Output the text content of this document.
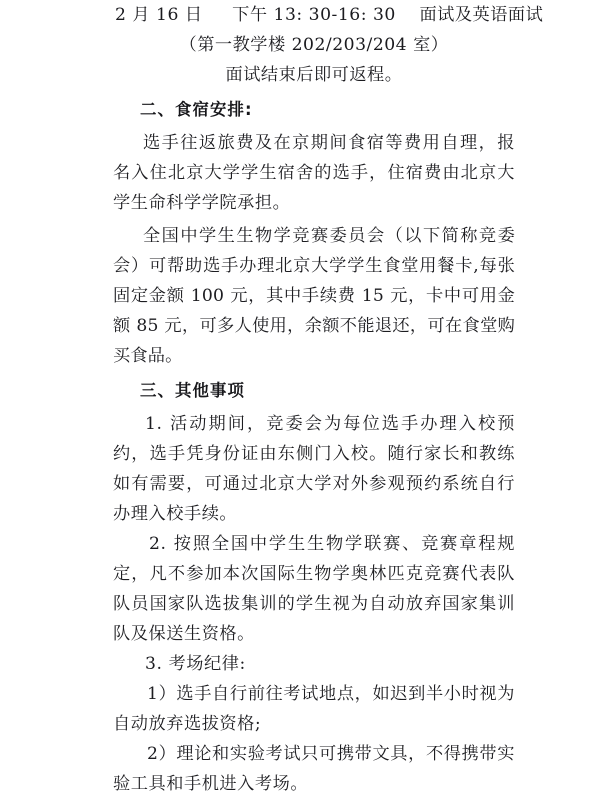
2 月 16 日　  下午 13: 30-16: 30　 面试及英语面试
（第一教学楼 202/203/204 室）
面试结束后即可返程。
二、食宿安排:

选手往返旅费及在京期间食宿等费用自理，报名入住北京大学学生宿舍的选手，住宿费由北京大学生命科学学院承担。

全国中学生生物学竞赛委员会（以下简称竞委会）可帮助选手办理北京大学学生食堂用餐卡,每张固定金额 100 元，其中手续费 15 元，卡中可用金额 85 元，可多人使用，余额不能退还，可在食堂购买食品。

三、其他事项

1. 活动期间，竞委会为每位选手办理入校预约，选手凭身份证由东侧门入校。随行家长和教练如有需要，可通过北京大学对外参观预约系统自行办理入校手续。

2. 按照全国中学生生物学联赛、竞赛章程规定，凡不参加本次国际生物学奥林匹克竞赛代表队队员国家队选拔集训的学生视为自动放弃国家集训队及保送生资格。

3. 考场纪律:

1）选手自行前往考试地点，如迟到半小时视为自动放弃选拔资格;

2）理论和实验考试只可携带文具，不得携带实验工具和手机进入考场。
